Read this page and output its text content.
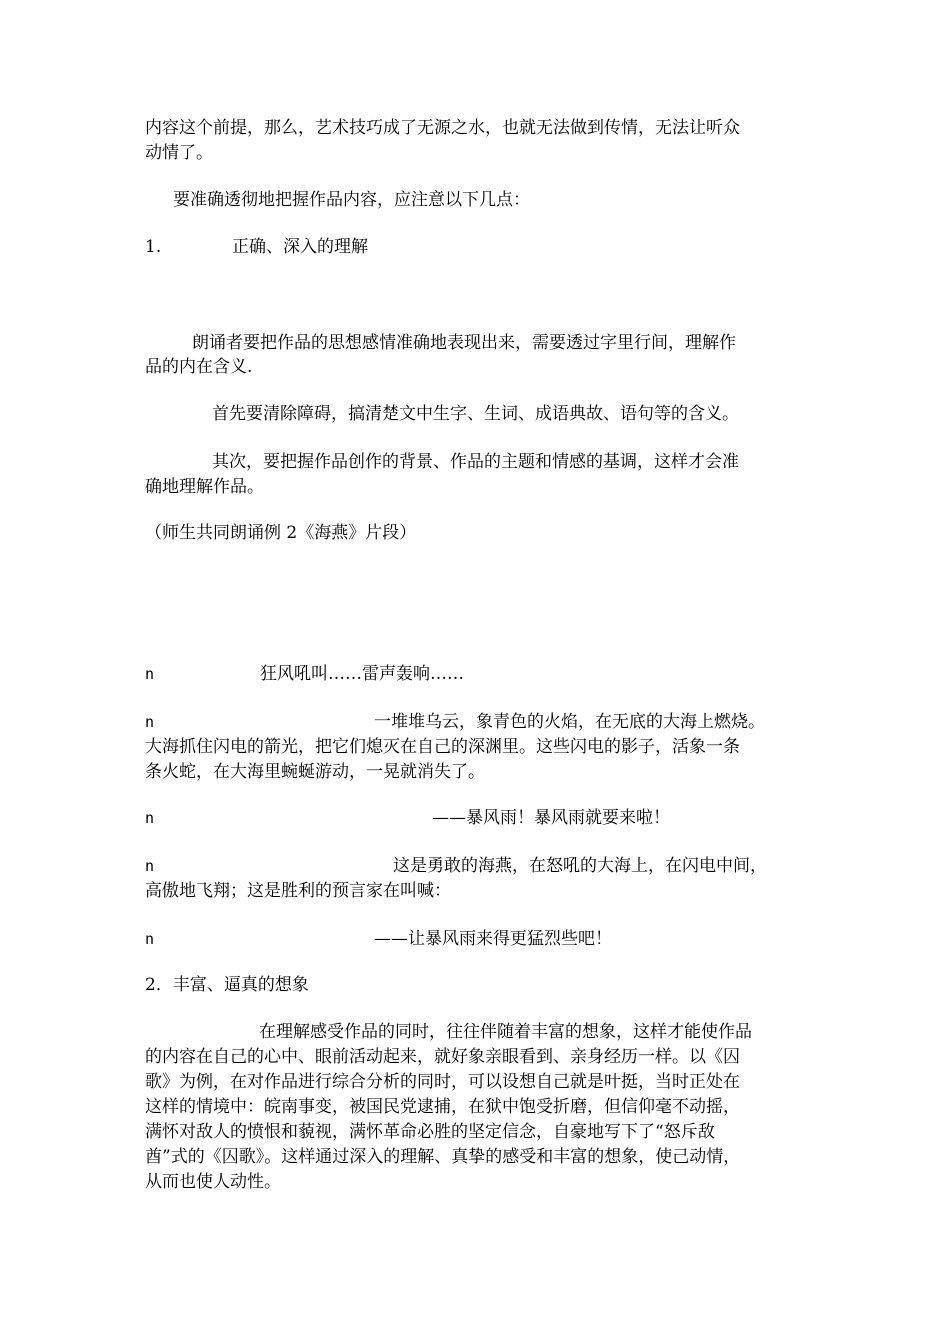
内容这个前提，那么，艺术技巧成了无源之水，也就无法做到传情，无法让听众
动情了。
要准确透彻地把握作品内容，应注意以下几点：
1.	正确、深入的理解
朗诵者要把作品的思想感情准确地表现出来，需要透过字里行间，理解作
品的内在含义.
首先要清除障碍，搞清楚文中生字、生词、成语典故、语句等的含义。
其次，要把握作品创作的背景、作品的主题和情感的基调，这样才会准
确地理解作品。
（师生共同朗诵例 2《海燕》片段）
n	狂风吼叫……雷声轰响……
n	一堆堆乌云，象青色的火焰，在无底的大海上燃烧。
大海抓住闪电的箭光，把它们熄灭在自己的深渊里。这些闪电的影子，活象一条
条火蛇，在大海里蜿蜒游动，一晃就消失了。
n	——暴风雨！暴风雨就要来啦！
n	这是勇敢的海燕，在怒吼的大海上，在闪电中间，
高傲地飞翔；这是胜利的预言家在叫喊：
n	——让暴风雨来得更猛烈些吧！
2．丰富、逼真的想象
在理解感受作品的同时，往往伴随着丰富的想象，这样才能使作品
的内容在自己的心中、眼前活动起来，就好象亲眼看到、亲身经历一样。以《囚
歌》为例，在对作品进行综合分析的同时，可以设想自己就是叶挺，当时正处在
这样的情境中：皖南事变，被国民党逮捕，在狱中饱受折磨，但信仰毫不动摇，
满怀对敌人的愤恨和藐视，满怀革命必胜的坚定信念，自豪地写下了“怒斥敌
酋”式的《囚歌》。这样通过深入的理解、真挚的感受和丰富的想象，使己动情，
从而也使人动性。
